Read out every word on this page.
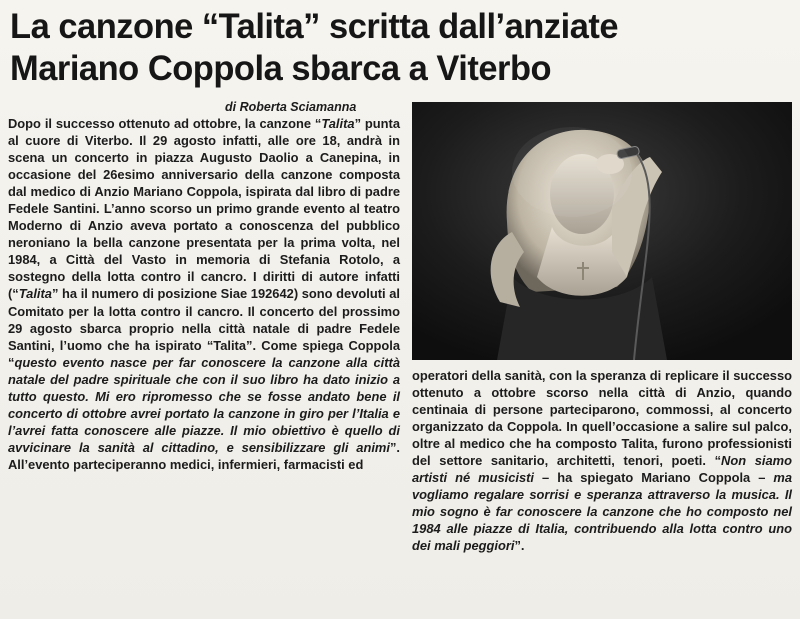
La canzone “Talita” scritta dall’anziate
Mariano Coppola sbarca a Viterbo
di Roberta Sciamanna

Dopo il successo ottenuto ad ottobre, la canzone “Talita” punta al cuore di Viterbo. Il 29 agosto infatti, alle ore 18, andrà in scena un concerto in piazza Augusto Daolio a Canepina, in occasione del 26esimo anniversario della canzone composta dal medico di Anzio Mariano Coppola, ispirata dal libro di padre Fedele Santini. L’anno scorso un primo grande evento al teatro Moderno di Anzio aveva portato a conoscenza del pubblico neroniano la bella canzone presentata per la prima volta, nel 1984, a Città del Vasto in memoria di Stefania Rotolo, a sostegno della lotta contro il cancro. I diritti di autore infatti (“Talita” ha il numero di posizione Siae 192642) sono devoluti al Comitato per la lotta contro il cancro. Il concerto del prossimo 29 agosto sbarca proprio nella città natale di padre Fedele Santini, l’uomo che ha ispirato “Talita”. Come spiega Coppola “questo evento nasce per far conoscere la canzone alla città natale del padre spirituale che con il suo libro ha dato inizio a tutto questo. Mi ero ripromesso che se fosse andato bene il concerto di ottobre avrei portato la canzone in giro per l’Italia e l’avrei fatta conoscere alle piazze. Il mio obiettivo è quello di avvicinare la sanità al cittadino, e sensibilizzare gli animi”. All’evento parteciperanno medici, infermieri, farmacisti ed

operatori della sanità, con la speranza di replicare il successo ottenuto a ottobre scorso nella città di Anzio, quando centinaia di persone parteciparono, commossi, al concerto organizzato da Coppola. In quell’occasione a salire sul palco, oltre al medico che ha composto Talita, furono professionisti del settore sanitario, architetti, tenori, poeti. “Non siamo artisti né musicisti – ha spiegato Mariano Coppola – ma vogliamo regalare sorrisi e speranza attraverso la musica. Il mio sogno è far conoscere la canzone che ho composto nel 1984 alle piazze di Italia, contribuendo alla lotta contro uno dei mali peggiori”.
